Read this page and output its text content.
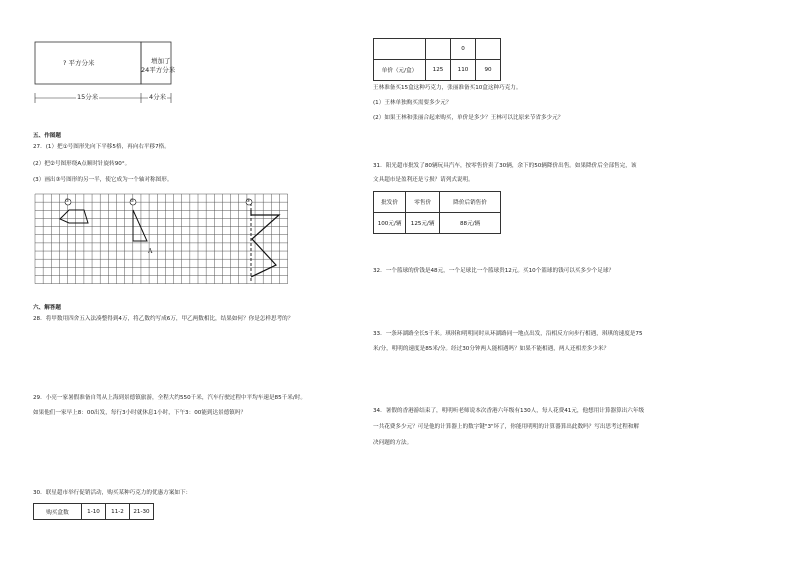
? 平方分米	增加了
24平方分米
15分米	4分米
五、作图题
27．(1）把①号图形先向下平移5格，再向右平移7格。
(2）把②号图形绕A点顺时针旋转90°。
(3）画出③号图形的另一半，使它成为一个轴对称图形。
①	②	③
A
六、解答题
28．将甲数用四舍五入法凑整得到4万，将乙数约写成6万，甲乙两数相比，结果如何？你是怎样思考的？
29．小亮一家暑假准备自驾从上海到景德镇旅游，全程大约550千米，汽车行驶过程中平均车速是85千米/时。
如果他们一家早上8：00出发，每行3小时就休息1小时，下午3：00能到达景德镇吗？
30．联星超市举行促销活动，购买某种巧克力的优惠方案如下：
购买盒数	1-10	11-2	21-30
		0	
单价（元/盒）	125	110	90
王林准备买15盒这种巧克力，张丽准备买10盒这种巧克力。
(1）王林单独购买需要多少元？
(2）如果王林和张丽合起来购买，单价是多少？王林可以比原来节省多少元？
31．阳光超市批发了80辆玩具汽车，按零售价卖了30辆，余下的50辆降价出售。如果降价后全部售完，该
文具超市是盈利还是亏损？请列式说明。
批发价	零售价	降价后销售价
100元/辆	125元/辆	88元/辆
32．一个篮球的价钱是48元，一个足球比一个篮球贵12元。买10个篮球的钱可以买多少个足球？
33．一条环湖路全长5千米。琪琪和明明同时从环湖路同一地点出发，沿相反方向步行相遇，琪琪的速度是75
米/分，明明的速度是85米/分。经过30分钟两人能相遇吗？如果不能相遇，两人还相差多少米？
34．暑假的香港游结束了，明明听老师说本次香港六年级有130人，每人花费41元，他想用计算器算出六年级
一共花费多少元？可是他的计算器上的数字键"3"坏了，你能用明明的计算器算出此数吗？写出思考过程和解
决问题的方法。
